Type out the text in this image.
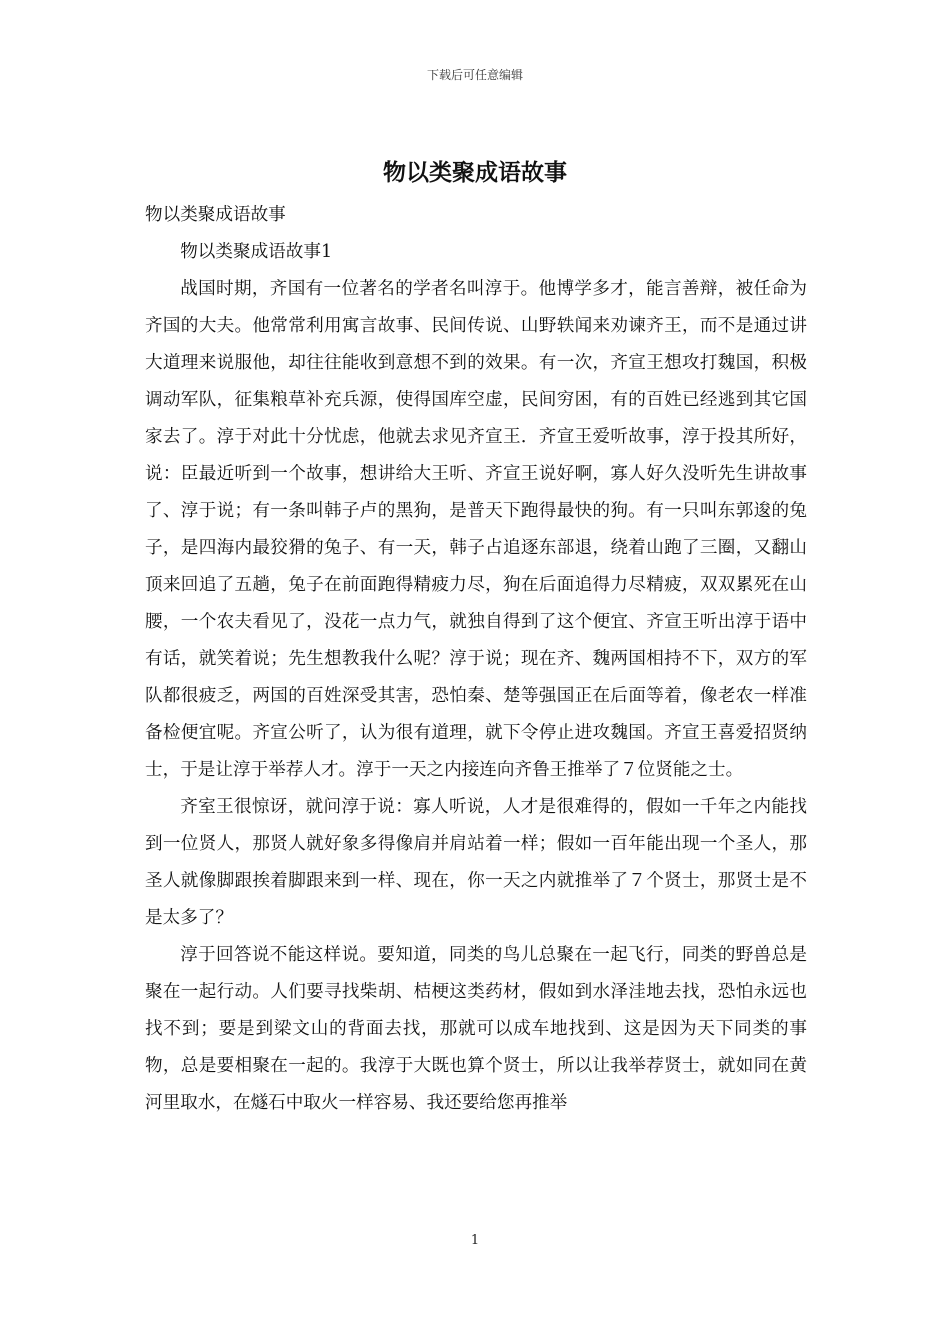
下载后可任意编辑
物以类聚成语故事

物以类聚成语故事

物以类聚成语故事1

战国时期，齐国有一位著名的学者名叫淳于。他博学多才，能言善辩，被任命为齐国的大夫。他常常利用寓言故事、民间传说、山野轶闻来劝谏齐王，而不是通过讲大道理来说服他，却往往能收到意想不到的效果。有一次，齐宣王想攻打魏国，积极调动军队，征集粮草补充兵源，使得国库空虚，民间穷困，有的百姓已经逃到其它国家去了。淳于对此十分忧虑，他就去求见齐宣王．齐宣王爱听故事，淳于投其所好，说：臣最近听到一个故事，想讲给大王听、齐宣王说好啊，寡人好久没听先生讲故事了、淳于说；有一条叫韩子卢的黑狗，是普天下跑得最快的狗。有一只叫东郭逡的兔子，是四海内最狡猾的兔子、有一天，韩子占追逐东部退，绕着山跑了三圈，又翻山顶来回追了五趟，兔子在前面跑得精疲力尽，狗在后面追得力尽精疲，双双累死在山腰，一个农夫看见了，没花一点力气，就独自得到了这个便宜、齐宣王听出淳于语中有话，就笑着说；先生想教我什么呢？淳于说；现在齐、魏两国相持不下，双方的军队都很疲乏，两国的百姓深受其害，恐怕秦、楚等强国正在后面等着，像老农一样准备检便宜呢。齐宣公听了，认为很有道理，就下令停止进攻魏国。齐宣王喜爱招贤纳士，于是让淳于举荐人才。淳于一天之内接连向齐鲁王推举了７位贤能之士。

齐室王很惊讶，就问淳于说：寡人听说，人才是很难得的，假如一千年之内能找到一位贤人，那贤人就好象多得像肩并肩站着一样；假如一百年能出现一个圣人，那圣人就像脚跟挨着脚跟来到一样、现在，你一天之内就推举了７个贤士，那贤士是不是太多了？

淳于回答说不能这样说。要知道，同类的鸟儿总聚在一起飞行，同类的野兽总是聚在一起行动。人们要寻找柴胡、桔梗这类药材，假如到水泽洼地去找，恐怕永远也找不到；要是到梁文山的背面去找，那就可以成车地找到、这是因为天下同类的事物，总是要相聚在一起的。我淳于大既也算个贤士，所以让我举荐贤士，就如同在黄河里取水，在燧石中取火一样容易、我还要给您再推举

1
